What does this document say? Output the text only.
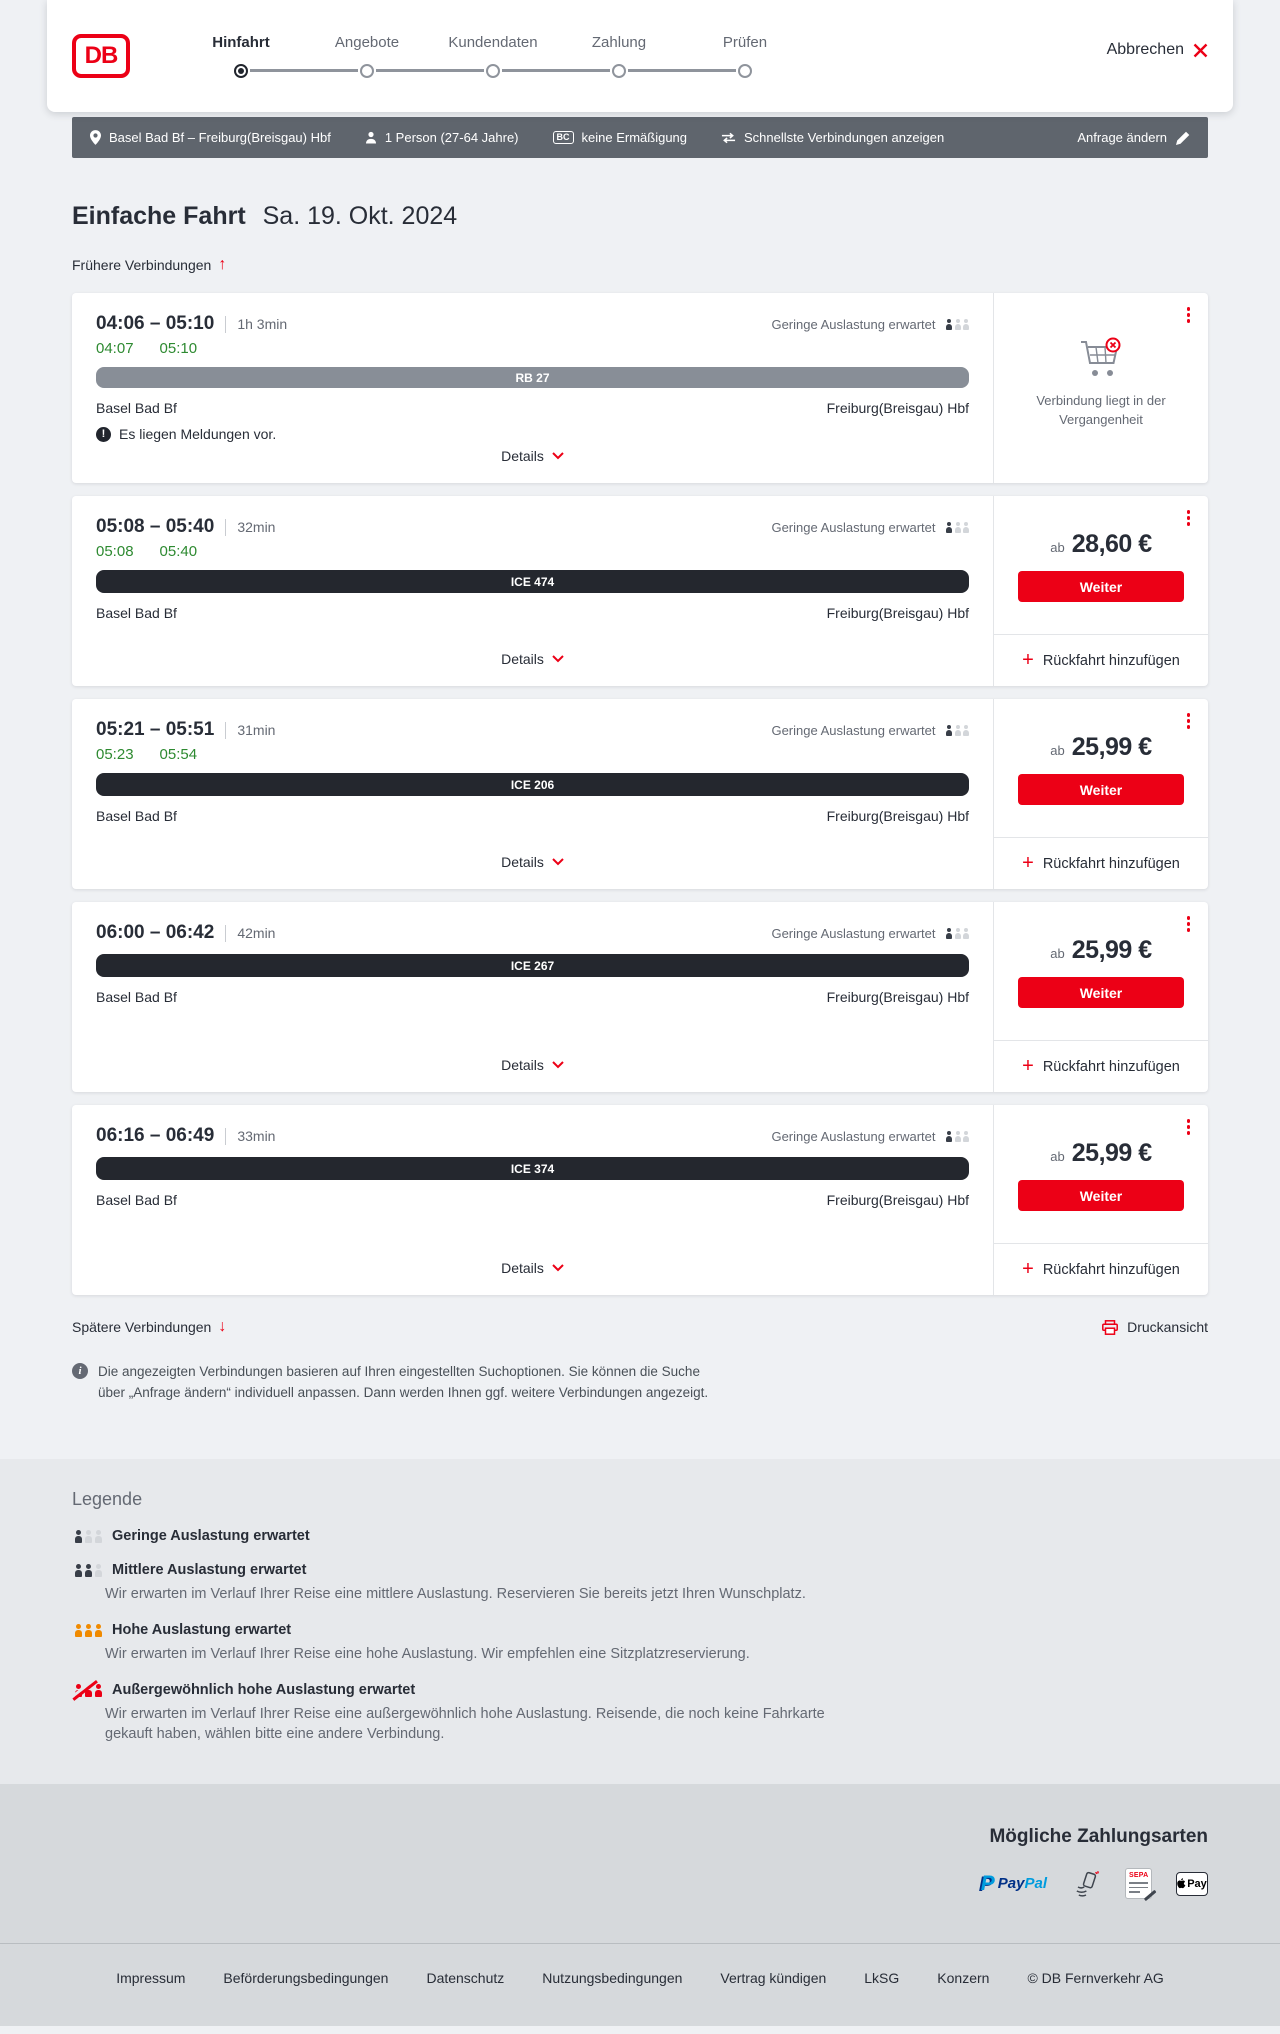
DB	Hinfahrt	Angebote	Kundendaten	Zahlung	Prüfen	Abbrechen
Basel Bad Bf – Freiburg(Breisgau) Hbf	1 Person (27-64 Jahre)	BC keine Ermäßigung	Schnellste Verbindungen anzeigen	Anfrage ändern
Einfache Fahrt Sa. 19. Okt. 2024
Frühere Verbindungen ↑
04:06 – 05:10 1h 3min	Geringe Auslastung erwartet
04:07 05:10
RB 27
Basel Bad Bf	Freiburg(Breisgau) Hbf
! Es liegen Meldungen vor.
Details

Verbindung liegt in der Vergangenheit

05:08 – 05:40 32min	Geringe Auslastung erwartet
05:08 05:40
ICE 474
Basel Bad Bf	Freiburg(Breisgau) Hbf
Details
ab 28,60 €
Weiter
+ Rückfahrt hinzufügen
05:21 – 05:51 31min	Geringe Auslastung erwartet
05:23 05:54
ICE 206
Basel Bad Bf	Freiburg(Breisgau) Hbf
Details
ab 25,99 €
Weiter
+ Rückfahrt hinzufügen
06:00 – 06:42 42min	Geringe Auslastung erwartet
ICE 267
Basel Bad Bf	Freiburg(Breisgau) Hbf
Details
ab 25,99 €
Weiter
+ Rückfahrt hinzufügen
06:16 – 06:49 33min	Geringe Auslastung erwartet
ICE 374
Basel Bad Bf	Freiburg(Breisgau) Hbf
Details
ab 25,99 €
Weiter
+ Rückfahrt hinzufügen
Spätere Verbindungen ↓	Druckansicht
i	Die angezeigten Verbindungen basieren auf Ihren eingestellten Suchoptionen. Sie können die Suche über „Anfrage ändern“ individuell anpassen. Dann werden Ihnen ggf. weitere Verbindungen angezeigt.

Legende
Geringe Auslastung erwartet
Mittlere Auslastung erwartet

Wir erwarten im Verlauf Ihrer Reise eine mittlere Auslastung. Reservieren Sie bereits jetzt Ihren Wunschplatz.

Hohe Auslastung erwartet

Wir erwarten im Verlauf Ihrer Reise eine hohe Auslastung. Wir empfehlen eine Sitzplatzreservierung.

Außergewöhnlich hohe Auslastung erwartet

Wir erwarten im Verlauf Ihrer Reise eine außergewöhnlich hohe Auslastung. Reisende, die noch keine Fahrkarte gekauft haben, wählen bitte eine andere Verbindung.

Mögliche Zahlungsarten
P PayPal	SEPA
Pay
Impressum	Beförderungsbedingungen	Datenschutz	Nutzungsbedingungen	Vertrag kündigen	LkSG	Konzern	© DB Fernverkehr AG
